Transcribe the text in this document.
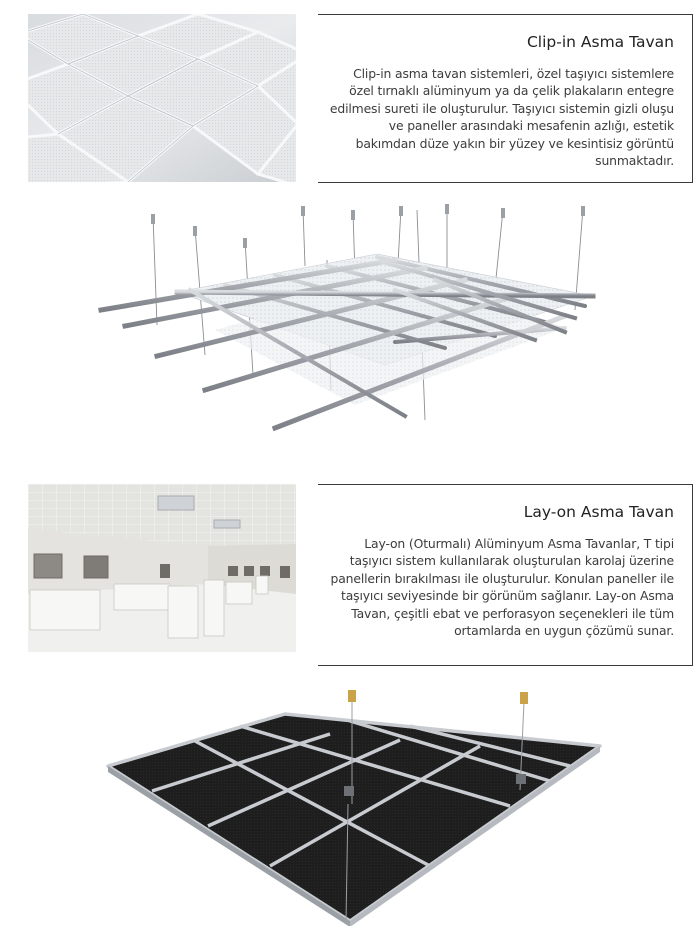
Clip-in Asma Tavan

Clip-in asma tavan sistemleri, özel taşıyıcı sistemlere özel tırnaklı alüminyum ya da çelik plakaların entegre edilmesi sureti ile oluşturulur. Taşıyıcı sistemin gizli oluşu ve paneller arasındaki mesafenin azlığı, estetik bakımdan düze yakın bir yüzey ve kesintisiz görüntü sunmaktadır.

Lay-on Asma Tavan

Lay-on (Oturmalı) Alüminyum Asma Tavanlar, T tipi taşıyıcı sistem kullanılarak oluşturulan karolaj üzerine panellerin bırakılması ile oluşturulur. Konulan paneller ile taşıyıcı seviyesinde bir görünüm sağlanır. Lay-on Asma Tavan, çeşitli ebat ve perforasyon seçenekleri ile tüm ortamlarda en uygun çözümü sunar.
